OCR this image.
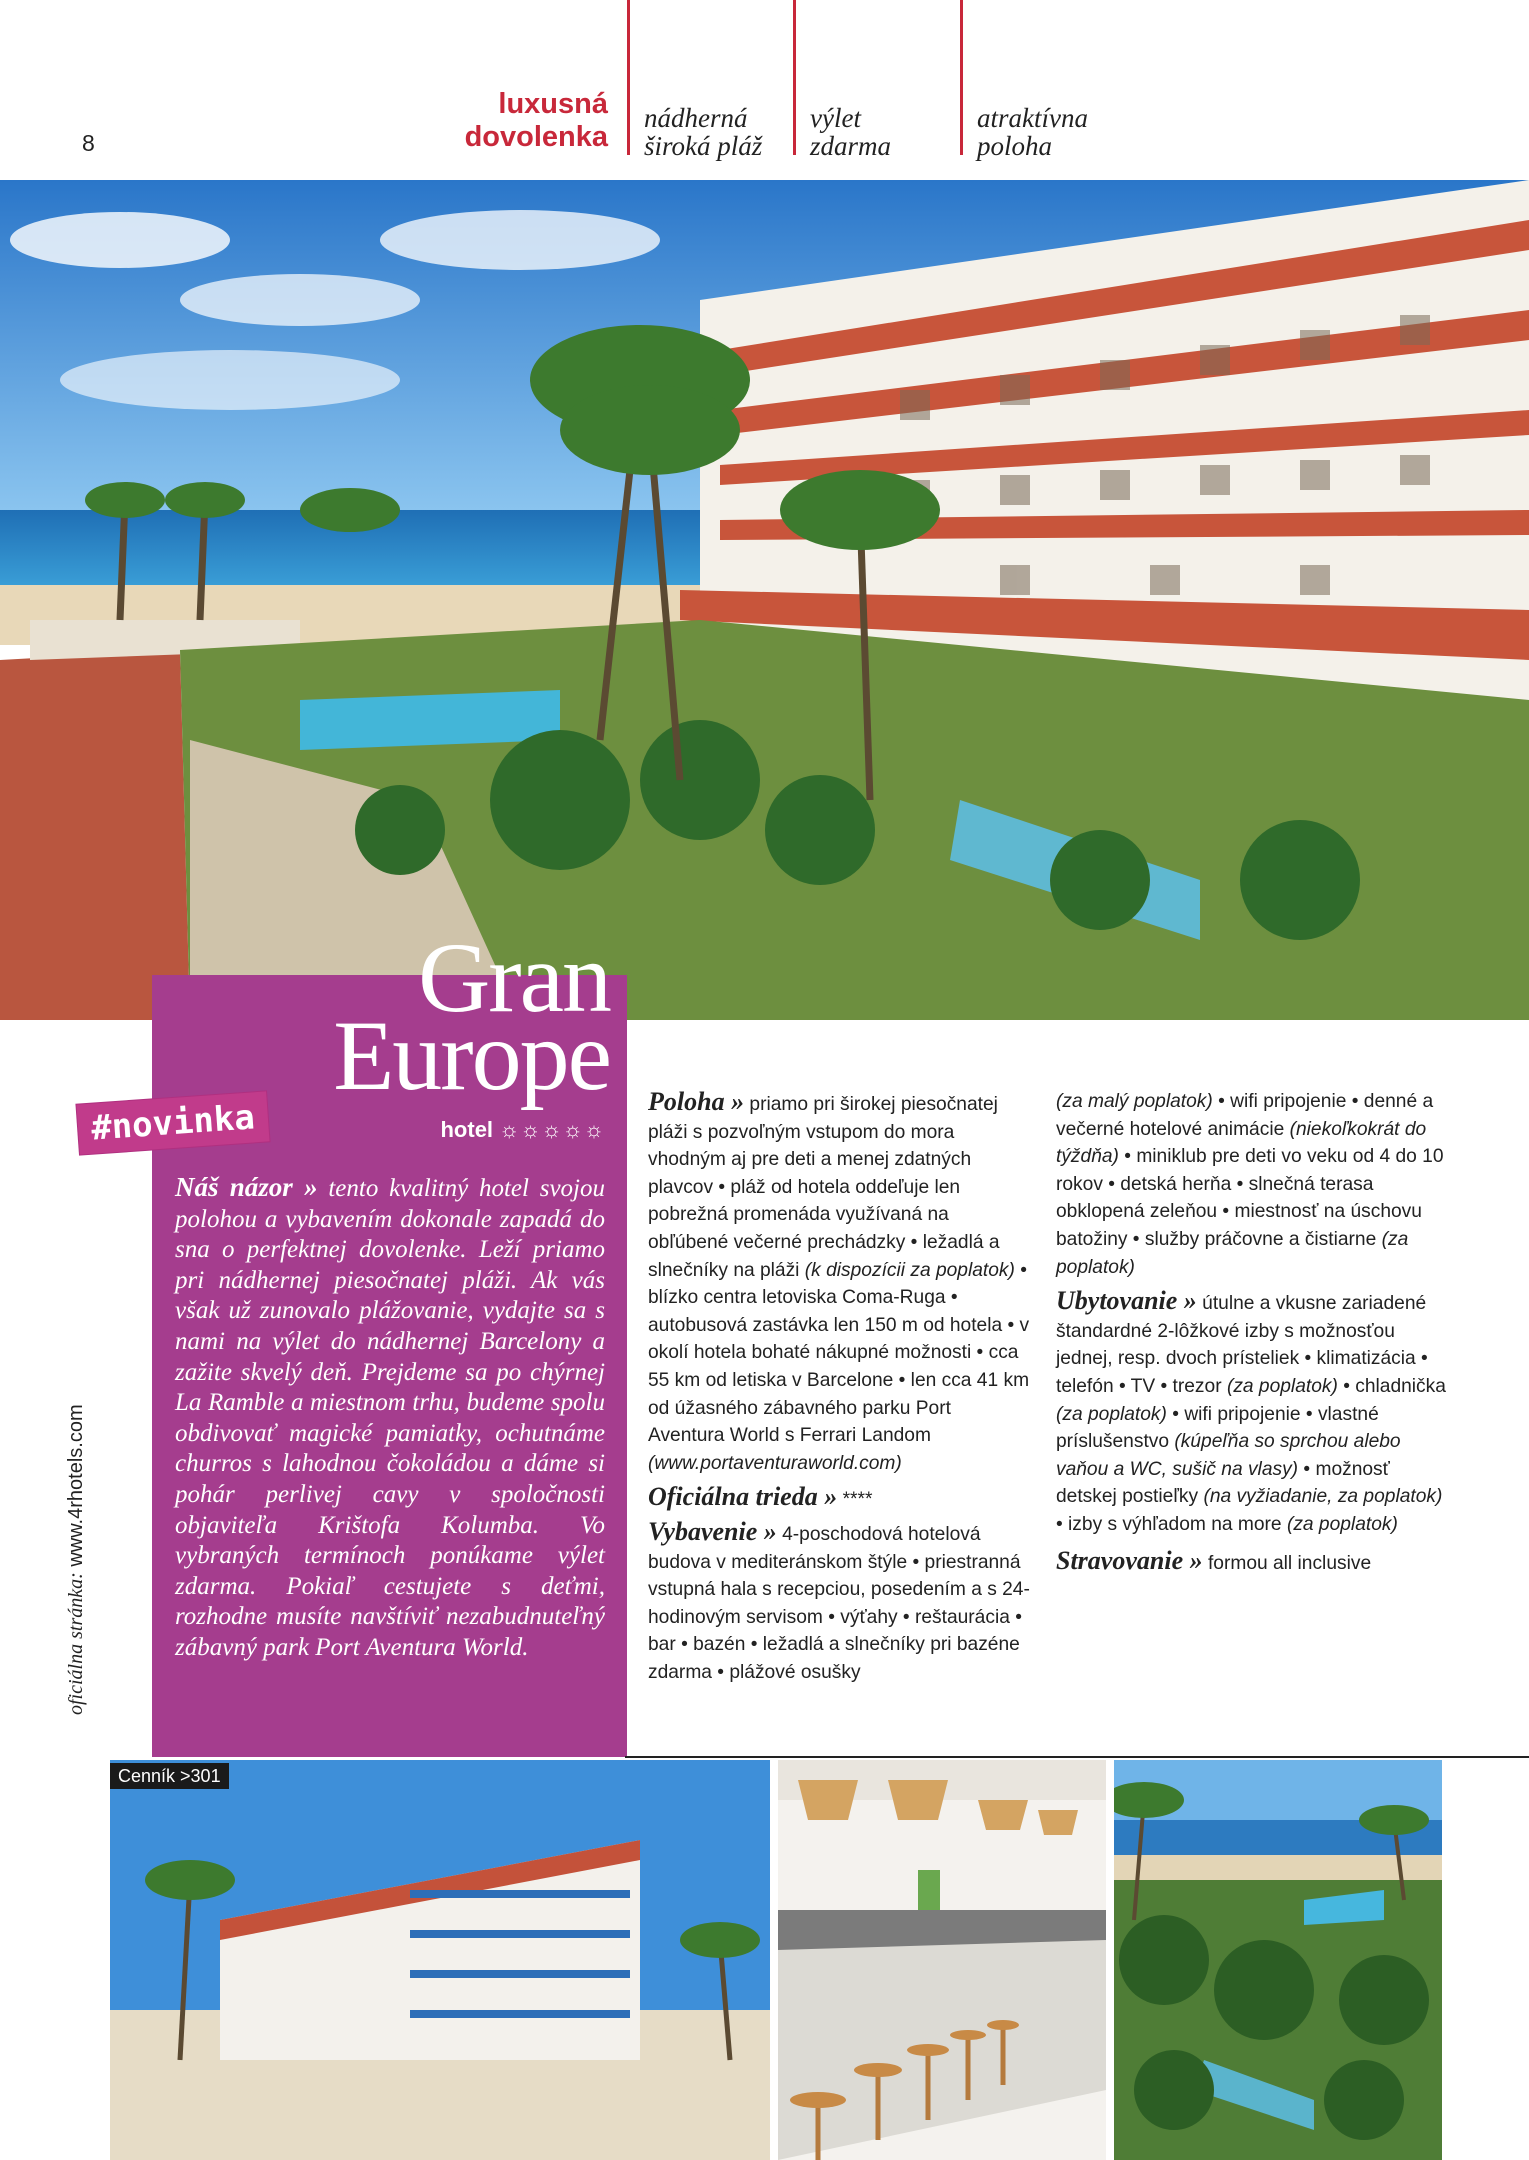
8
luxusná
dovolenka
nádherná
široká pláž
výlet
zdarma
atraktívna
poloha
Gran
Europe
hotel ☼☼☼☼☼
#novinka
Náš názor » tento kvalitný hotel svojou polohou a vybavením dokonale zapadá do sna o perfektnej dovolenke. Leží priamo pri nádhernej piesočnatej pláži. Ak vás však už zunovalo plážovanie, vydajte sa s nami na výlet do nádhernej Barcelony a zažite skvelý deň. Prejdeme sa po chýrnej La Ramble a miestnom trhu, budeme spolu obdivovať magické pamiatky, ochutnáme churros s lahodnou čokoládou a dáme si pohár perlivej cavy v spoločnosti objaviteľa Krištofa Kolumba. Vo vybraných termínoch ponúkame výlet zdarma. Pokiaľ cestujete s deťmi, rozhodne musíte navštíviť nezabudnuteľný zábavný park Port Aventura World.
oficiálna stránka: www.4rhotels.com
Poloha » priamo pri širokej piesočnatej pláži s pozvoľným vstupom do mora vhodným aj pre deti a menej zdatných plavcov • pláž od hotela oddeľuje len pobrežná promenáda využívaná na obľúbené večerné prechádzky • ležadlá a slnečníky na pláži (k dispozícii za poplatok) • blízko centra letoviska Coma-Ruga • autobusová zastávka len 150 m od hotela • v okolí hotela bohaté nákupné možnosti • cca 55 km od letiska v Barcelone • len cca 41 km od úžasného zábavného parku Port Aventura World s Ferrari Landom (www.portaventuraworld.com)
Oficiálna trieda » ****
Vybavenie » 4-poschodová hotelová budova v mediteránskom štýle • priestranná vstupná hala s recepciou, posedením a s 24-hodinovým servisom • výťahy • reštaurácia • bar • bazén • ležadlá a slnečníky pri bazéne zdarma • plážové osušky
(za malý poplatok) • wifi pripojenie • denné a večerné hotelové animácie (niekoľkokrát do týždňa) • miniklub pre deti vo veku od 4 do 10 rokov • detská herňa • slnečná terasa obklopená zeleňou • miestnosť na úschovu batožiny • služby práčovne a čistiarne (za poplatok)
Ubytovanie » útulne a vkusne zariadené štandardné 2-lôžkové izby s možnosťou jednej, resp. dvoch prísteliek • klimatizácia • telefón • TV • trezor (za poplatok) • chladnička (za poplatok) • wifi pripojenie • vlastné príslušenstvo (kúpeľňa so sprchou alebo vaňou a WC, sušič na vlasy) • možnosť detskej postieľky (na vyžiadanie, za poplatok) • izby s výhľadom na more (za poplatok)
Stravovanie » formou all inclusive
Cenník >301
